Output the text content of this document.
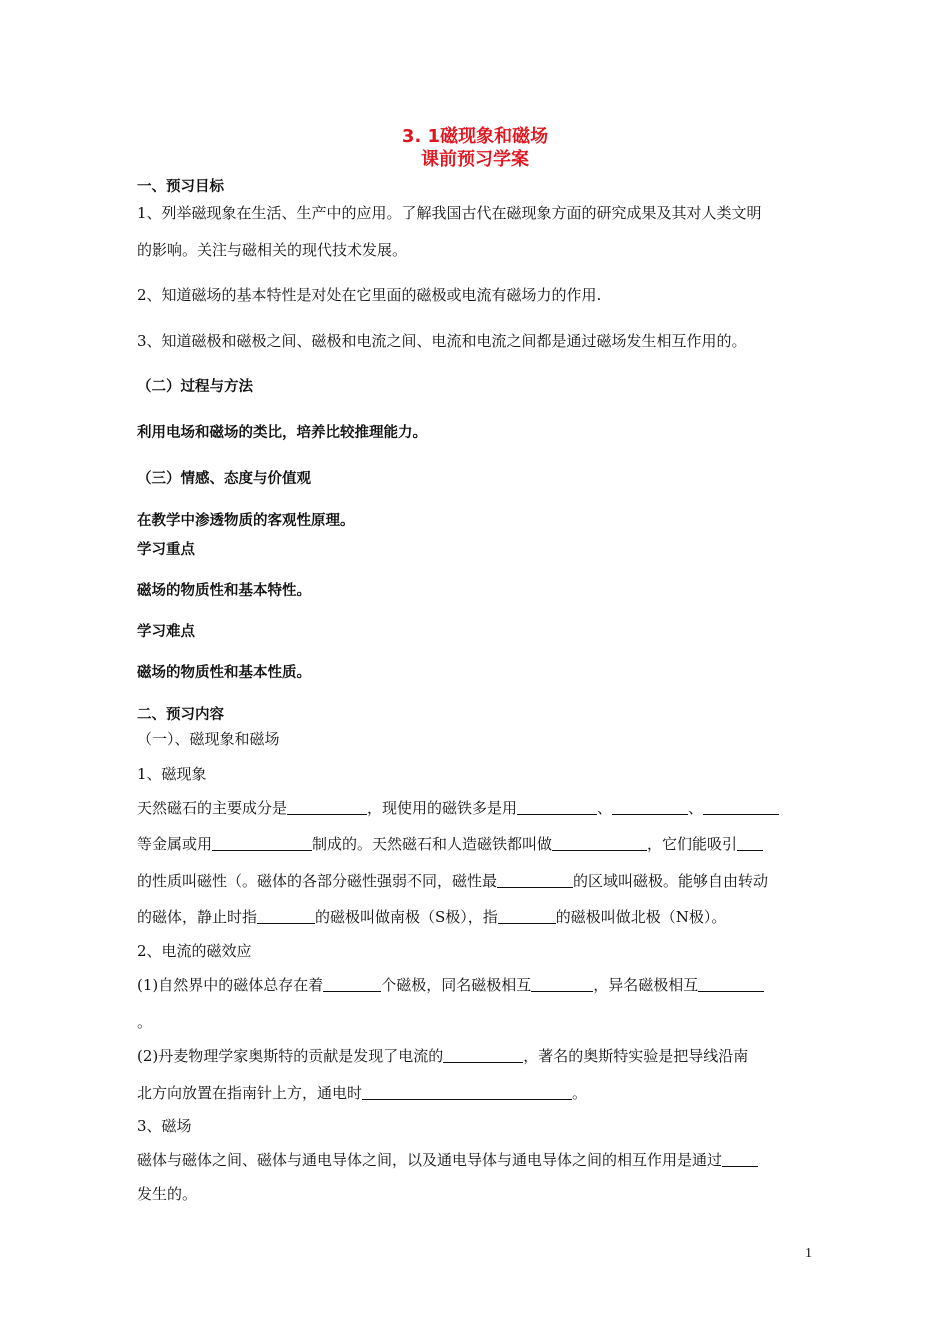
3. 1磁现象和磁场
课前预习学案
一、预习目标
1、列举磁现象在生活、生产中的应用。了解我国古代在磁现象方面的研究成果及其对人类文明
的影响。关注与磁相关的现代技术发展。
2、知道磁场的基本特性是对处在它里面的磁极或电流有磁场力的作用.
3、知道磁极和磁极之间、磁极和电流之间、电流和电流之间都是通过磁场发生相互作用的。
（二）过程与方法
利用电场和磁场的类比，培养比较推理能力。
（三）情感、态度与价值观
在教学中渗透物质的客观性原理。
学习重点
磁场的物质性和基本特性。
学习难点
磁场的物质性和基本性质。
二、预习内容
（一）、磁现象和磁场
1、磁现象
天然磁石的主要成分是	，现使用的磁铁多是用	、	、
等金属或用	制成的。天然磁石和人造磁铁都叫做	，它们能吸引
的性质叫磁性（。磁体的各部分磁性强弱不同，磁性最	的区域叫磁极。能够自由转动
的磁体，静止时指	的磁极叫做南极（S极），指	的磁极叫做北极（N极）。
2、电流的磁效应
(1)自然界中的磁体总存在着	个磁极，同名磁极相互	，异名磁极相互
。
(2)丹麦物理学家奥斯特的贡献是发现了电流的	，著名的奥斯特实验是把导线沿南
北方向放置在指南针上方，通电时	。
3、磁场
磁体与磁体之间、磁体与通电导体之间，以及通电导体与通电导体之间的相互作用是通过
发生的。
1
